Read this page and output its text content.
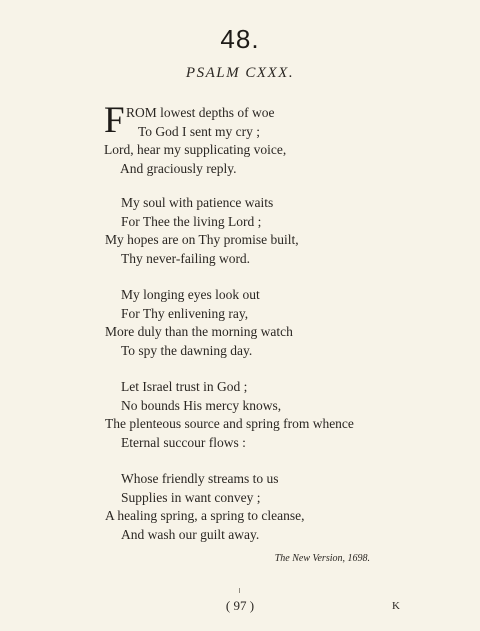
48.
PSALM CXXX.
F ROM lowest depths of woe
To God I sent my cry ;
Lord, hear my supplicating voice,
And graciously reply.
My soul with patience waits
For Thee the living Lord ;
My hopes are on Thy promise built,
Thy never-failing word.
My longing eyes look out
For Thy enlivening ray,
More duly than the morning watch
To spy the dawning day.
Let Israel trust in God ;
No bounds His mercy knows,
The plenteous source and spring from whence
Eternal succour flows :
Whose friendly streams to us
Supplies in want convey ;
A healing spring, a spring to cleanse,
And wash our guilt away.
The New Version, 1698.
( 97 )	K
